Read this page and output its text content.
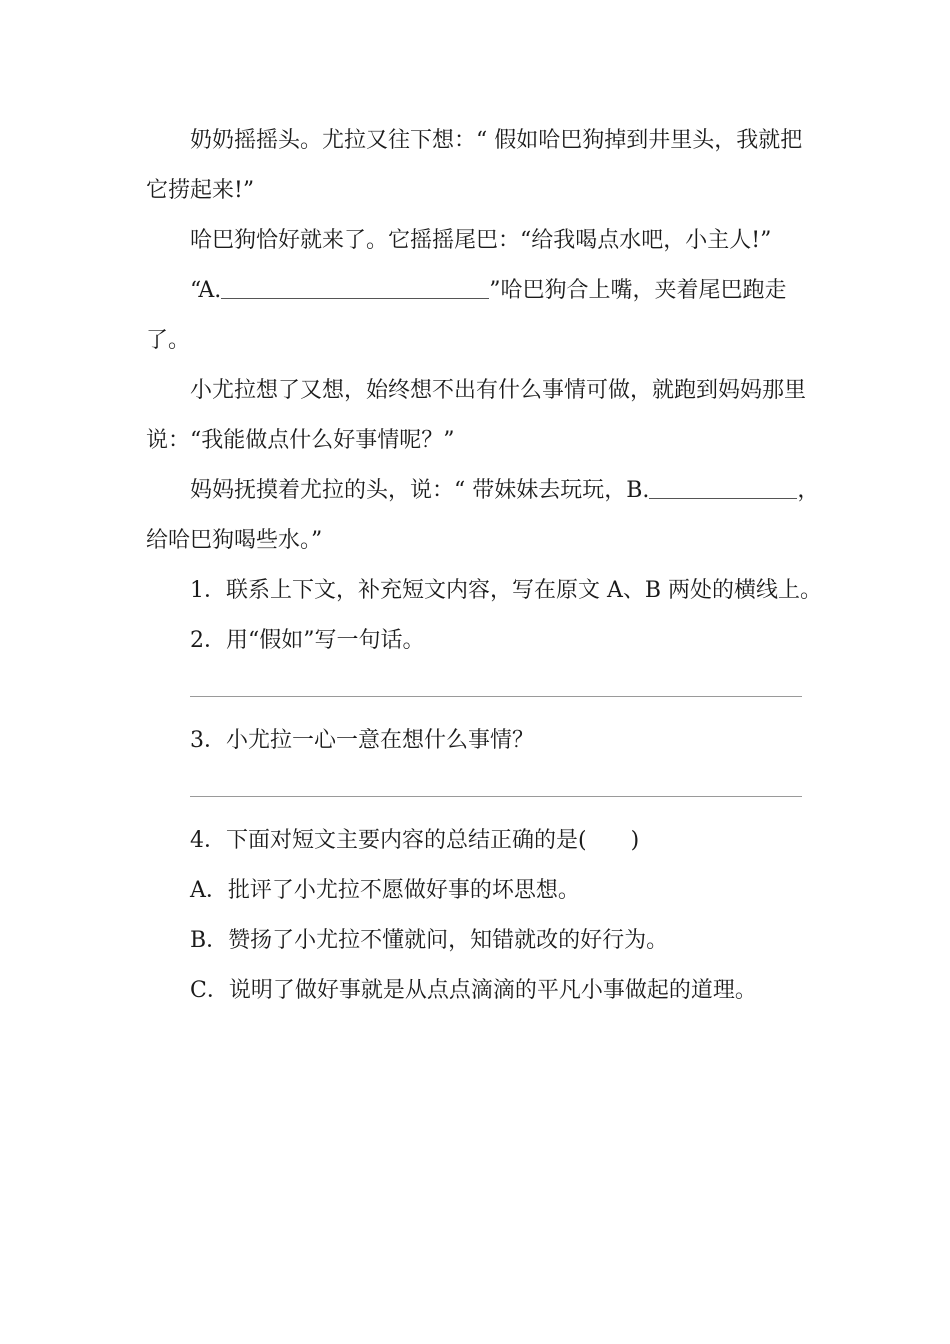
奶奶摇摇头。尤拉又往下想：“ 假如哈巴狗掉到井里头，我就把
它捞起来!”
哈巴狗恰好就来了。它摇摇尾巴：“给我喝点水吧，小主人!”
“A.	”哈巴狗合上嘴，夹着尾巴跑走
了。
小尤拉想了又想，始终想不出有什么事情可做，就跑到妈妈那里
说：“我能做点什么好事情呢？”
妈妈抚摸着尤拉的头，说：“ 带妹妹去玩玩，B.	，
给哈巴狗喝些水。”
1．联系上下文，补充短文内容，写在原文 A、B 两处的横线上。
2．用“假如”写一句话。
3．小尤拉一心一意在想什么事情？
4．下面对短文主要内容的总结正确的是(　　)
A．批评了小尤拉不愿做好事的坏思想。
B．赞扬了小尤拉不懂就问，知错就改的好行为。
C．说明了做好事就是从点点滴滴的平凡小事做起的道理。
